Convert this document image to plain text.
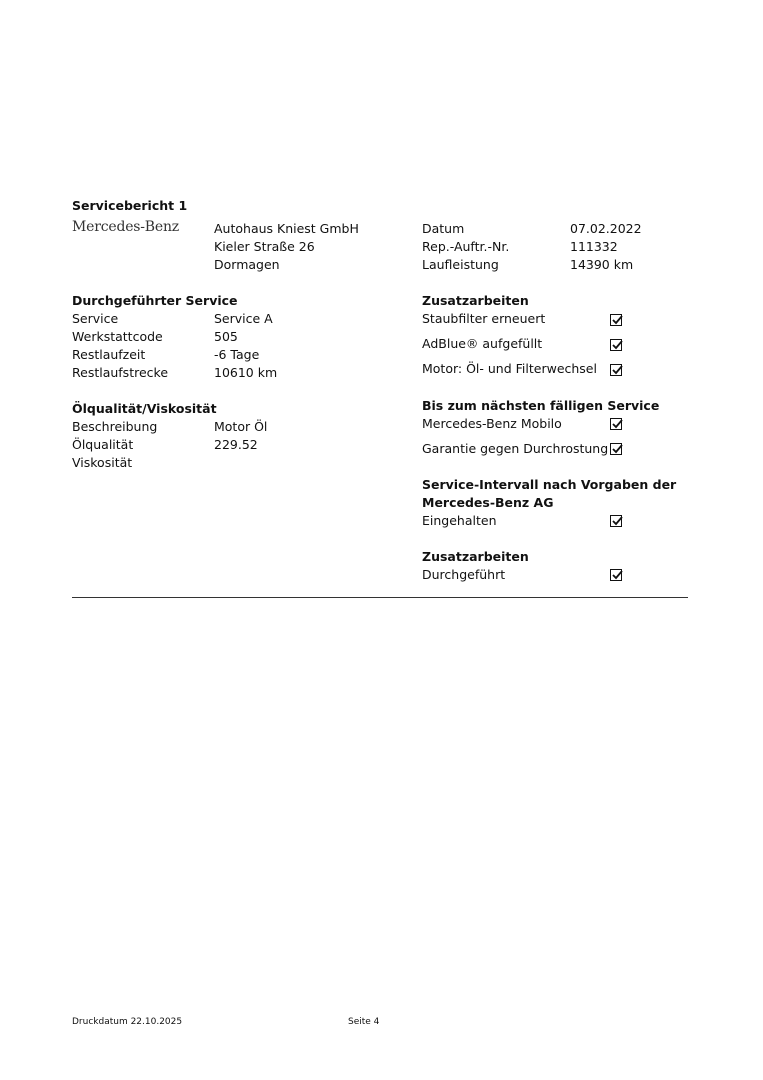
Servicebericht 1
Mercedes-Benz	Autohaus Kniest GmbH
Kieler Straße 26
Dormagen
Datum	07.02.2022
Rep.-Auftr.-Nr.	111332
Laufleistung	14390 km
Durchgeführter Service
Service	Service A
Werkstattcode	505
Restlaufzeit	-6 Tage
Restlaufstrecke	10610 km
Ölqualität/Viskosität
Beschreibung	Motor Öl
Ölqualität	229.52
Viskosität
Zusatzarbeiten
Staubfilter erneuert
AdBlue® aufgefüllt
Motor: Öl- und Filterwechsel
Bis zum nächsten fälligen Service
Mercedes-Benz Mobilo
Garantie gegen Durchrostung
Service-Intervall nach Vorgaben der
Mercedes-Benz AG
Eingehalten
Zusatzarbeiten
Durchgeführt
Druckdatum 22.10.2025	Seite 4
